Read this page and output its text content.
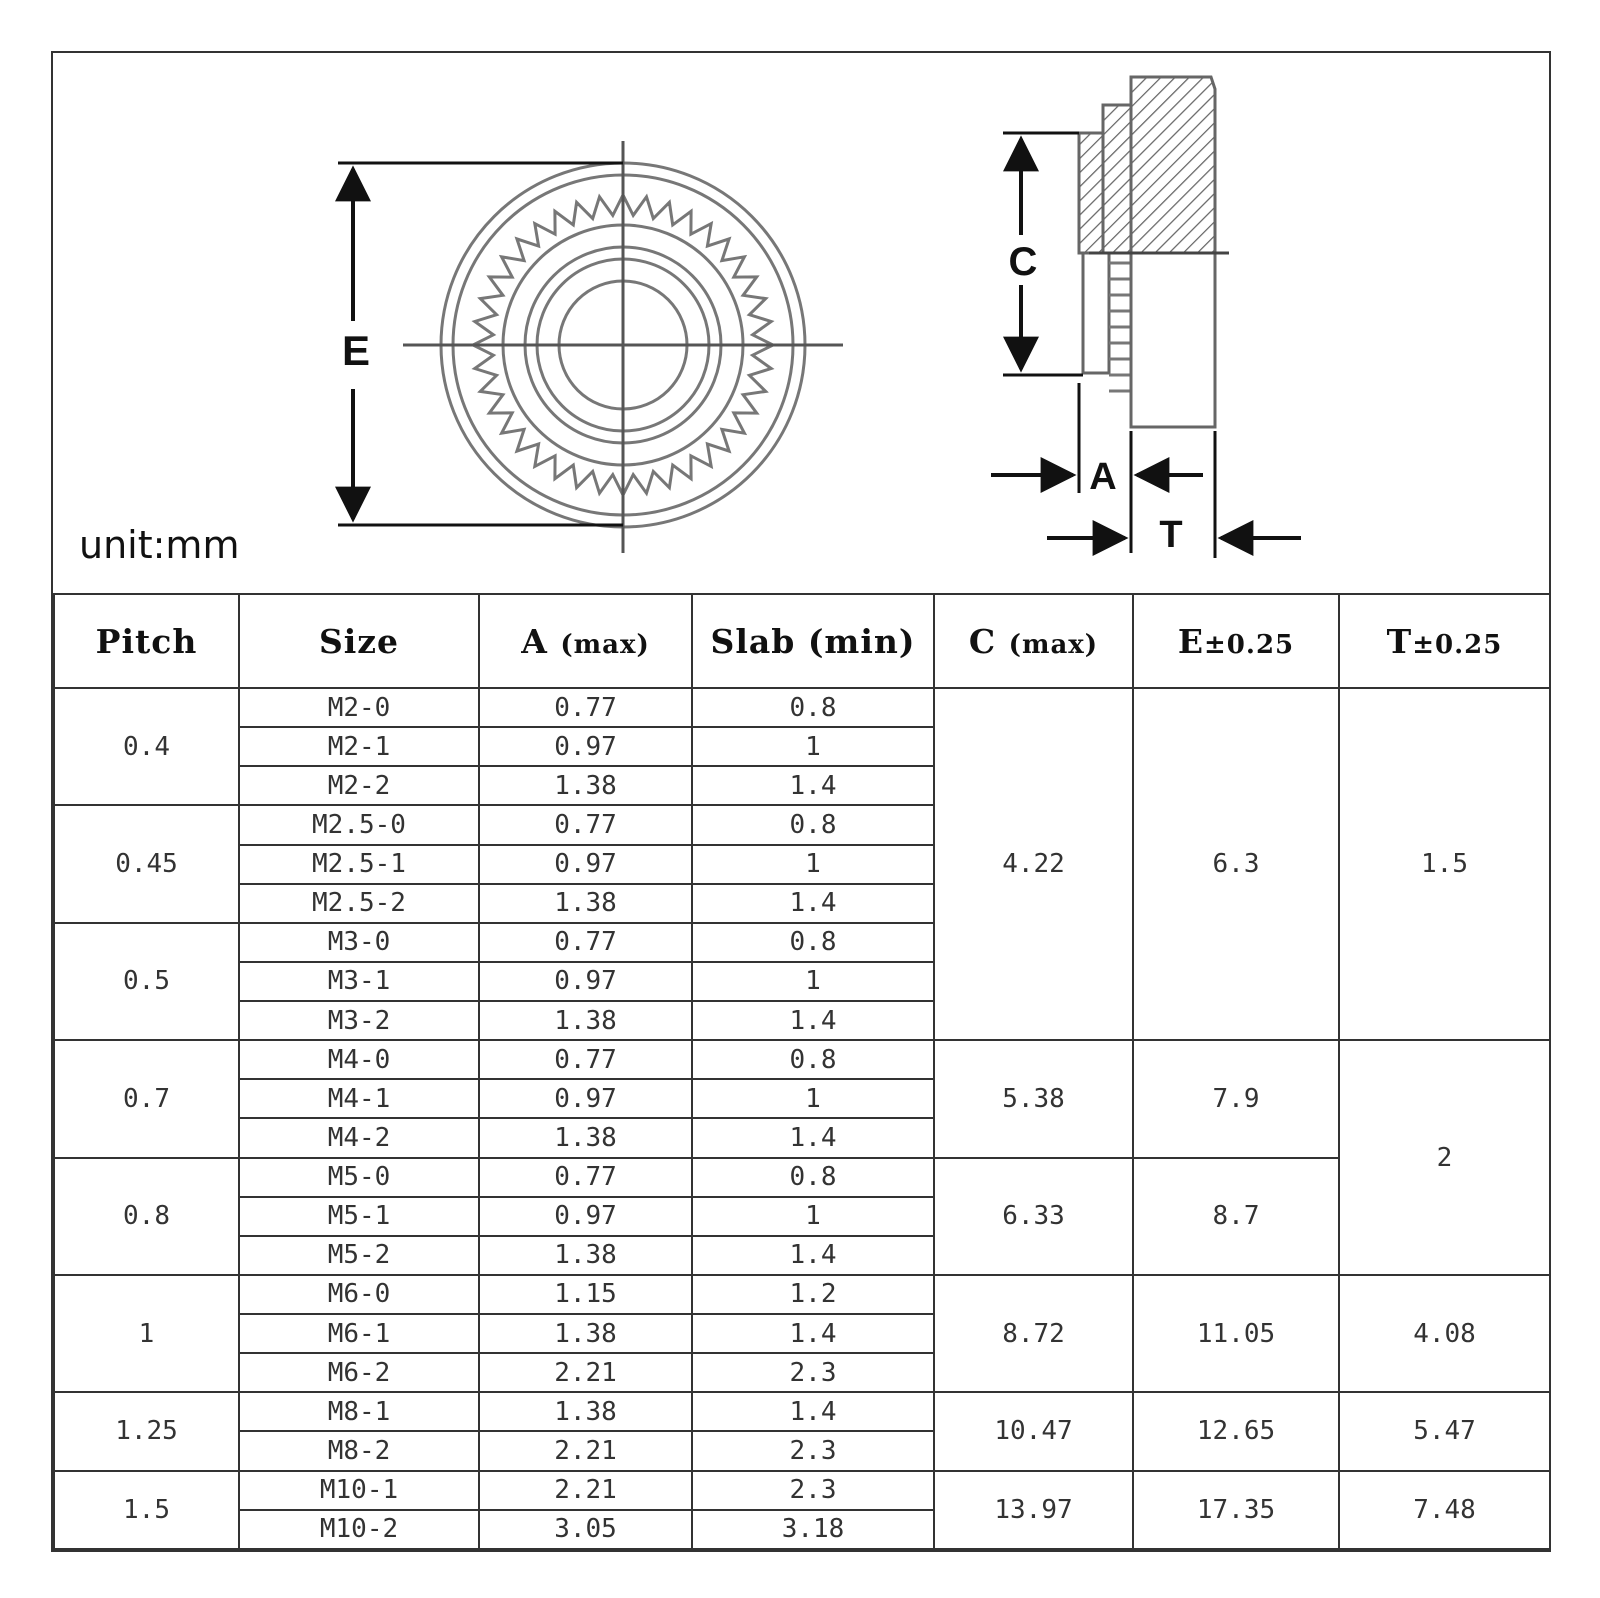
E
C
A
T
unit:mm
Pitch	Size	A (max)	Slab (min)	C (max)	E±0.25	T±0.25
0.4	M2-0	0.77	0.8	4.22	6.3	1.5
	M2-1	0.97	1			
	M2-2	1.38	1.4			
0.45	M2.5-0	0.77	0.8			
	M2.5-1	0.97	1			
	M2.5-2	1.38	1.4			
0.5	M3-0	0.77	0.8			
	M3-1	0.97	1			
	M3-2	1.38	1.4			
0.7	M4-0	0.77	0.8	5.38	7.9	2
	M4-1	0.97	1			
	M4-2	1.38	1.4			
0.8	M5-0	0.77	0.8	6.33	8.7	
	M5-1	0.97	1			
	M5-2	1.38	1.4			
1	M6-0	1.15	1.2	8.72	11.05	4.08
	M6-1	1.38	1.4			
	M6-2	2.21	2.3			
1.25	M8-1	1.38	1.4	10.47	12.65	5.47
	M8-2	2.21	2.3			
1.5	M10-1	2.21	2.3	13.97	17.35	7.48
	M10-2	3.05	3.18			
